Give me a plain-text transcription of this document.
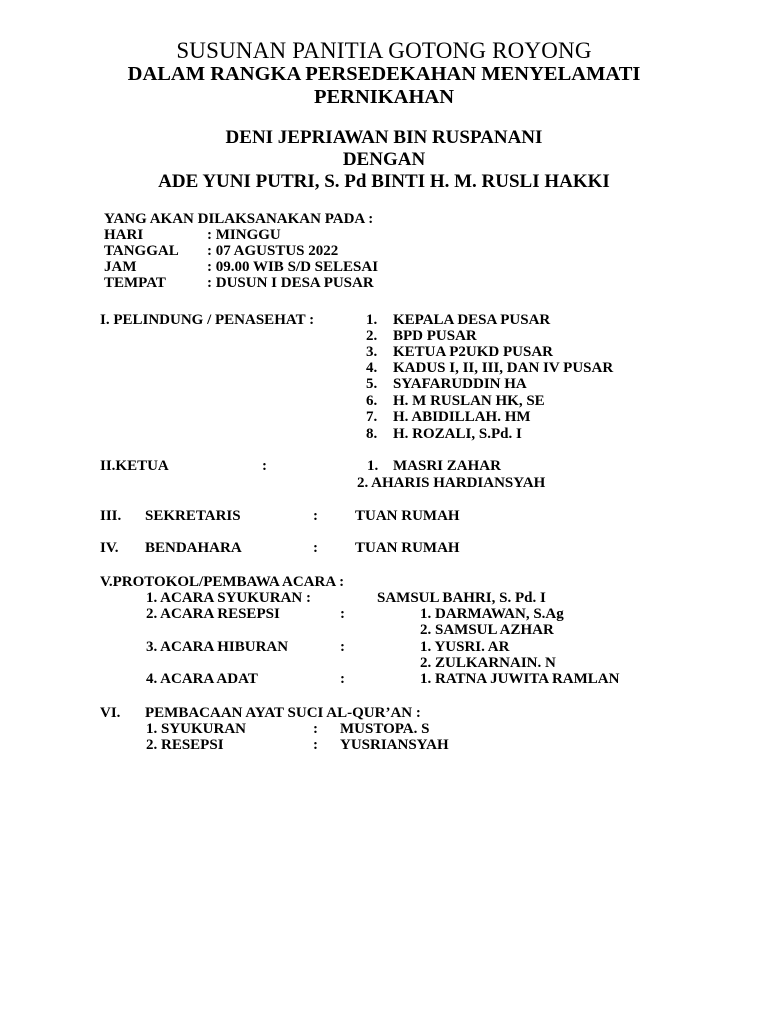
SUSUNAN PANITIA GOTONG ROYONG
DALAM RANGKA PERSEDEKAHAN MENYELAMATI
PERNIKAHAN
DENI JEPRIAWAN BIN RUSPANANI
DENGAN
ADE YUNI PUTRI, S. Pd BINTI H. M. RUSLI HAKKI
YANG AKAN DILAKSANAKAN PADA :
HARI	: MINGGU
TANGGAL : 07 AGUSTUS 2022
JAM	: 09.00 WIB S/D SELESAI
TEMPAT	: DUSUN I DESA PUSAR
I. PELINDUNG / PENASEHAT :	1. KEPALA DESA PUSAR
2. BPD PUSAR
3. KETUA P2UKD PUSAR
4. KADUS I, II, III, DAN IV PUSAR
5. SYAFARUDDIN HA
6. H. M RUSLAN HK, SE
7. H. ABIDILLAH. HM
8. H. ROZALI, S.Pd. I
II.KETUA	:	1. MASRI ZAHAR
2. AHARIS HARDIANSYAH
III. SEKRETARIS	: TUAN RUMAH
IV. BENDAHARA	: TUAN RUMAH
V.PROTOKOL/PEMBAWA ACARA :
1. ACARA SYUKURAN :	SAMSUL BAHRI, S. Pd. I
2. ACARA RESEPSI	:	1. DARMAWAN, S.Ag
2. SAMSUL AZHAR
3. ACARA HIBURAN	:	1. YUSRI. AR
2. ZULKARNAIN. N
4. ACARA ADAT	:	1. RATNA JUWITA RAMLAN
VI. PEMBACAAN AYAT SUCI AL-QUR’AN :
1. SYUKURAN	: MUSTOPA. S
2. RESEPSI	: YUSRIANSYAH
